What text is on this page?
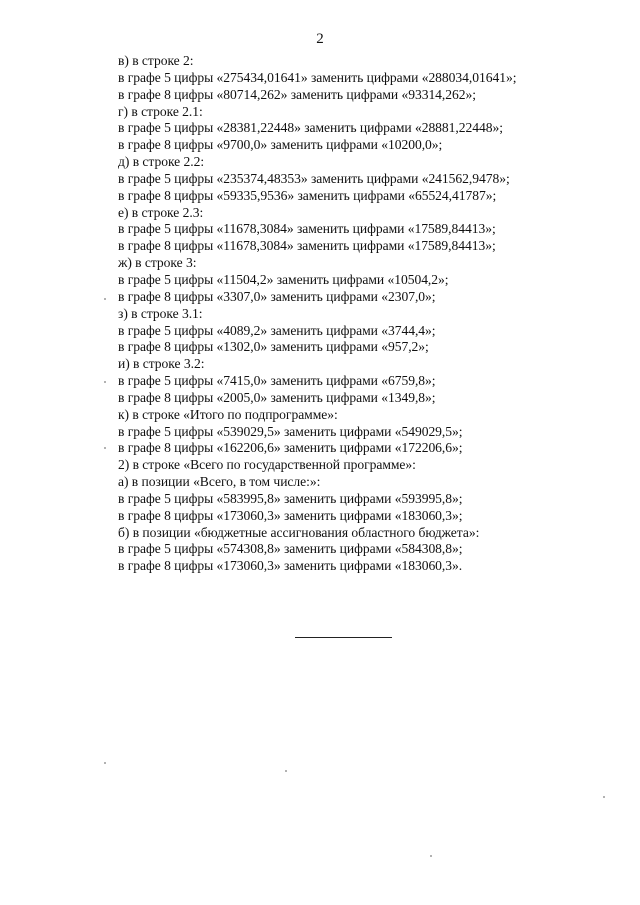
2
в) в строке 2:
в графе 5 цифры «275434,01641» заменить цифрами «288034,01641»;
в графе 8 цифры «80714,262» заменить цифрами «93314,262»;
г) в строке 2.1:
в графе 5 цифры «28381,22448» заменить цифрами «28881,22448»;
в графе 8 цифры «9700,0» заменить цифрами «10200,0»;
д) в строке 2.2:
в графе 5 цифры «235374,48353» заменить цифрами «241562,9478»;
в графе 8 цифры «59335,9536» заменить цифрами «65524,41787»;
е) в строке 2.3:
в графе 5 цифры «11678,3084» заменить цифрами «17589,84413»;
в графе 8 цифры «11678,3084» заменить цифрами «17589,84413»;
ж) в строке 3:
в графе 5 цифры «11504,2» заменить цифрами «10504,2»;
в графе 8 цифры «3307,0» заменить цифрами «2307,0»;
з) в строке 3.1:
в графе 5 цифры «4089,2» заменить цифрами «3744,4»;
в графе 8 цифры «1302,0» заменить цифрами «957,2»;
и) в строке 3.2:
в графе 5 цифры «7415,0» заменить цифрами «6759,8»;
в графе 8 цифры «2005,0» заменить цифрами «1349,8»;
к) в строке «Итого по подпрограмме»:
в графе 5 цифры «539029,5» заменить цифрами «549029,5»;
в графе 8 цифры «162206,6» заменить цифрами «172206,6»;
2) в строке «Всего по государственной программе»:
а) в позиции «Всего, в том числе:»:
в графе 5 цифры «583995,8» заменить цифрами «593995,8»;
в графе 8 цифры «173060,3» заменить цифрами «183060,3»;
б) в позиции «бюджетные ассигнования областного бюджета»:
в графе 5 цифры «574308,8» заменить цифрами «584308,8»;
в графе 8 цифры «173060,3» заменить цифрами «183060,3».
